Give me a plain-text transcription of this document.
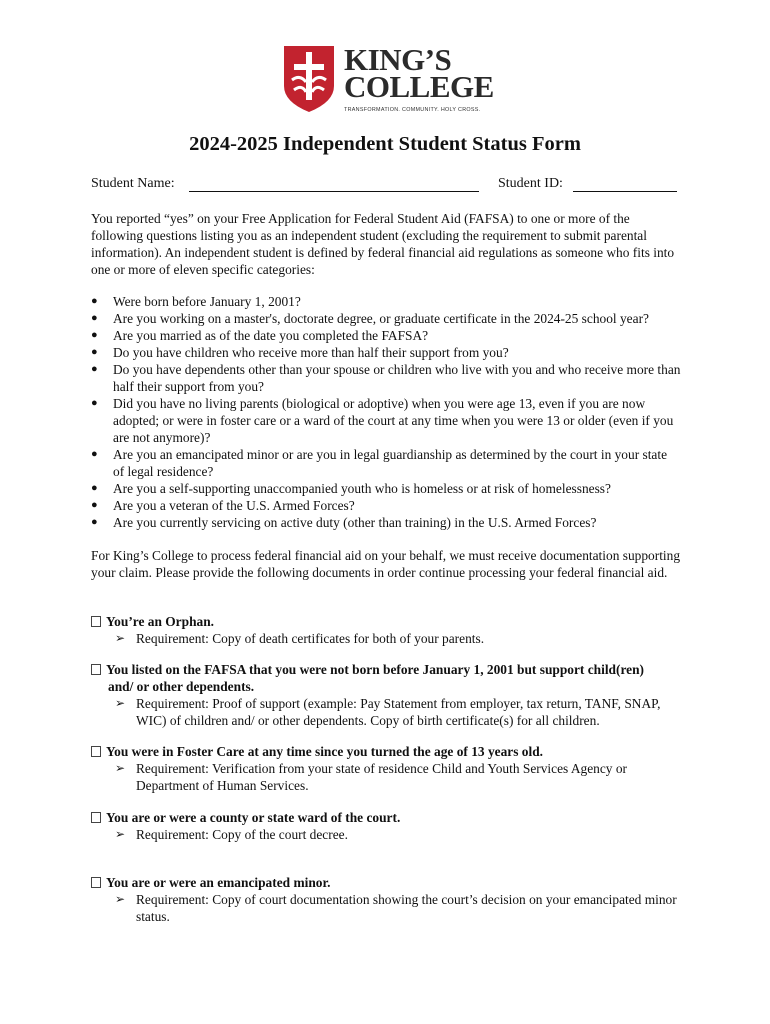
KING’S
COLLEGE
TRANSFORMATION. COMMUNITY. HOLY CROSS.
2024-2025 Independent Student Status Form
Student Name:	Student ID:

You reported “yes” on your Free Application for Federal Student Aid (FAFSA) to one or more of the following questions listing you as an independent student (excluding the requirement to submit parental information). An independent student is defined by federal financial aid regulations as someone who fits into one or more of eleven specific categories:

● Were born before January 1, 2001?
● Are you working on a master's, doctorate degree, or graduate certificate in the 2024-25 school year?
● Are you married as of the date you completed the FAFSA?
● Do you have children who receive more than half their support from you?
● Do you have dependents other than your spouse or children who live with you and who receive more than half their support from you?
● Did you have no living parents (biological or adoptive) when you were age 13, even if you are now adopted; or were in foster care or a ward of the court at any time when you were 13 or older (even if you are not anymore)?
● Are you an emancipated minor or are you in legal guardianship as determined by the court in your state of legal residence?
● Are you a self-supporting unaccompanied youth who is homeless or at risk of homelessness?
● Are you a veteran of the U.S. Armed Forces?
● Are you currently servicing on active duty (other than training) in the U.S. Armed Forces?

For King’s College to process federal financial aid on your behalf, we must receive documentation supporting your claim. Please provide the following documents in order continue processing your federal financial aid.

You’re an Orphan.
➢ Requirement: Copy of death certificates for both of your parents.
You listed on the FAFSA that you were not born before January 1, 2001 but support child(ren)
and/ or other dependents.
➢ Requirement: Proof of support (example: Pay Statement from employer, tax return, TANF, SNAP, WIC) of children and/ or other dependents. Copy of birth certificate(s) for all children.
You were in Foster Care at any time since you turned the age of 13 years old.
➢ Requirement: Verification from your state of residence Child and Youth Services Agency or Department of Human Services.
You are or were a county or state ward of the court.
➢ Requirement: Copy of the court decree.
You are or were an emancipated minor.
➢ Requirement: Copy of court documentation showing the court’s decision on your emancipated minor status.
